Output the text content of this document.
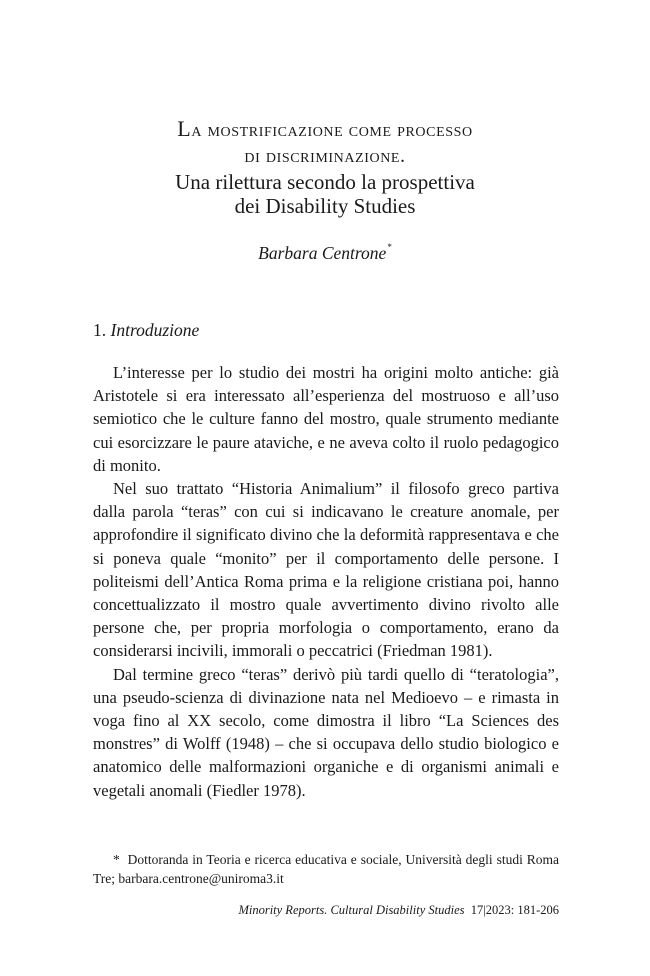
La mostrificazione come processo
di discriminazione.
Una rilettura secondo la prospettiva
dei Disability Studies
Barbara Centrone*
1. Introduzione

L’interesse per lo studio dei mostri ha origini molto antiche: già Aristotele si era interessato all’esperienza del mostruoso e all’uso semiotico che le culture fanno del mostro, quale strumento mediante cui esorcizzare le paure ataviche, e ne aveva colto il ruolo pedagogico di monito.

Nel suo trattato “Historia Animalium” il filosofo greco partiva dalla parola “teras” con cui si indicavano le creature anomale, per approfondire il significato divino che la deformità rappresentava e che si poneva quale “monito” per il comportamento delle persone. I politeismi dell’Antica Roma prima e la religione cristiana poi, hanno concettualizzato il mostro quale avvertimento divino rivolto alle persone che, per propria morfologia o comportamento, erano da considerarsi incivili, immorali o peccatrici (Friedman 1981).

Dal termine greco “teras” derivò più tardi quello di “teratologia”, una pseudo-scienza di divinazione nata nel Medioevo – e rimasta in voga fino al XX secolo, come dimostra il libro “La Sciences des monstres” di Wolff (1948) – che si occupava dello studio biologico e anatomico delle malformazioni organiche e di organismi animali e vegetali anomali (Fiedler 1978).

* Dottoranda in Teoria e ricerca educativa e sociale, Università degli studi Roma Tre; barbara.centrone@uniroma3.it
Minority Reports. Cultural Disability Studies 17|2023: 181-206
